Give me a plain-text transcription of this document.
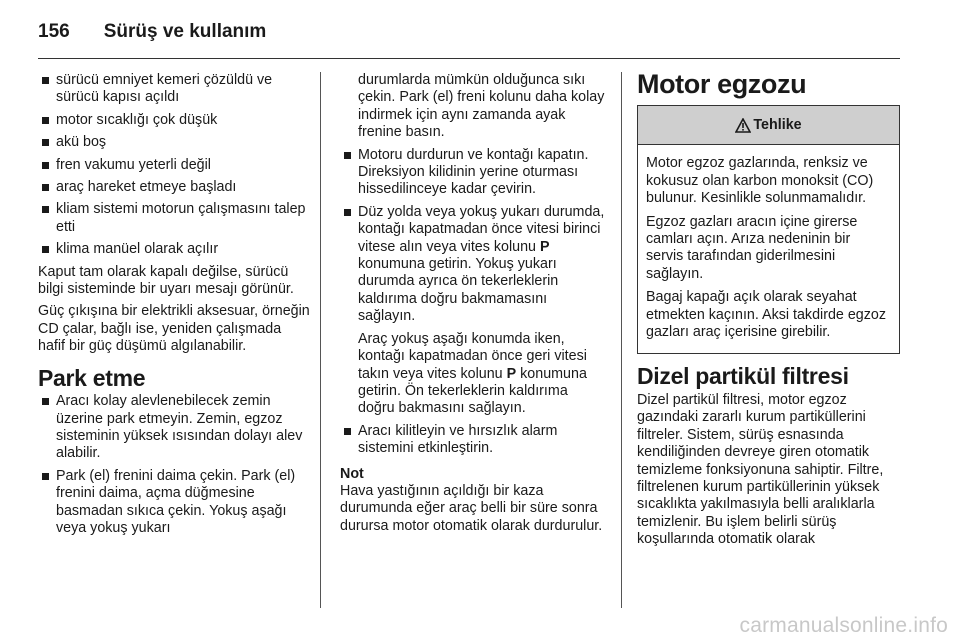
156 Sürüş ve kullanım
sürücü emniyet kemeri çözüldü ve sürücü kapısı açıldı
motor sıcaklığı çok düşük
akü boş
fren vakumu yeterli değil
araç hareket etmeye başladı
kliam sistemi motorun çalışmasını talep etti
klima manüel olarak açılır

Kaput tam olarak kapalı değilse, sürücü bilgi sisteminde bir uyarı mesajı görünür.

Güç çıkışına bir elektrikli aksesuar, örneğin CD çalar, bağlı ise, yeniden çalışmada hafif bir güç düşümü algılanabilir.

Park etme
Aracı kolay alevlenebilecek zemin üzerine park etmeyin. Zemin, egzoz sisteminin yüksek ısısından dolayı alev alabilir.
Park (el) frenini daima çekin. Park (el) frenini daima, açma düğmesine basmadan sıkıca çekin. Yokuş aşağı veya yokuş yukarı

durumlarda mümkün olduğunca sıkı çekin. Park (el) freni kolunu daha kolay indirmek için aynı zamanda ayak frenine basın.

Motoru durdurun ve kontağı kapatın. Direksiyon kilidinin yerine oturması hissedilinceye kadar çevirin.
Düz yolda veya yokuş yukarı durumda, kontağı kapatmadan önce vitesi birinci vitese alın veya vites kolunu P konumuna getirin. Yokuş yukarı durumda ayrıca ön tekerleklerin kaldırıma doğru bakmamasını sağlayın.

Araç yokuş aşağı konumda iken, kontağı kapatmadan önce geri vitesi takın veya vites kolunu P konumuna getirin. Ön tekerleklerin kaldırıma doğru bakmasını sağlayın.

Aracı kilitleyin ve hırsızlık alarm sistemini etkinleştirin.

Not

Hava yastığının açıldığı bir kaza durumunda eğer araç belli bir süre sonra durursa motor otomatik olarak durdurulur.

Motor egzozu
Tehlike

Motor egzoz gazlarında, renksiz ve kokusuz olan karbon monoksit (CO) bulunur. Kesinlikle solunmamalıdır.

Egzoz gazları aracın içine girerse camları açın. Arıza nedeninin bir servis tarafından giderilmesini sağlayın.

Bagaj kapağı açık olarak seyahat etmekten kaçının. Aksi takdirde egzoz gazları araç içerisine girebilir.

Dizel partikül filtresi

Dizel partikül filtresi, motor egzoz gazındaki zararlı kurum partiküllerini filtreler. Sistem, sürüş esnasında kendiliğinden devreye giren otomatik temizleme fonksiyonuna sahiptir. Filtre, filtrelenen kurum partiküllerinin yüksek sıcaklıkta yakılmasıyla belli aralıklarla temizlenir. Bu işlem belirli sürüş koşullarında otomatik olarak

carmanualsonline.info
